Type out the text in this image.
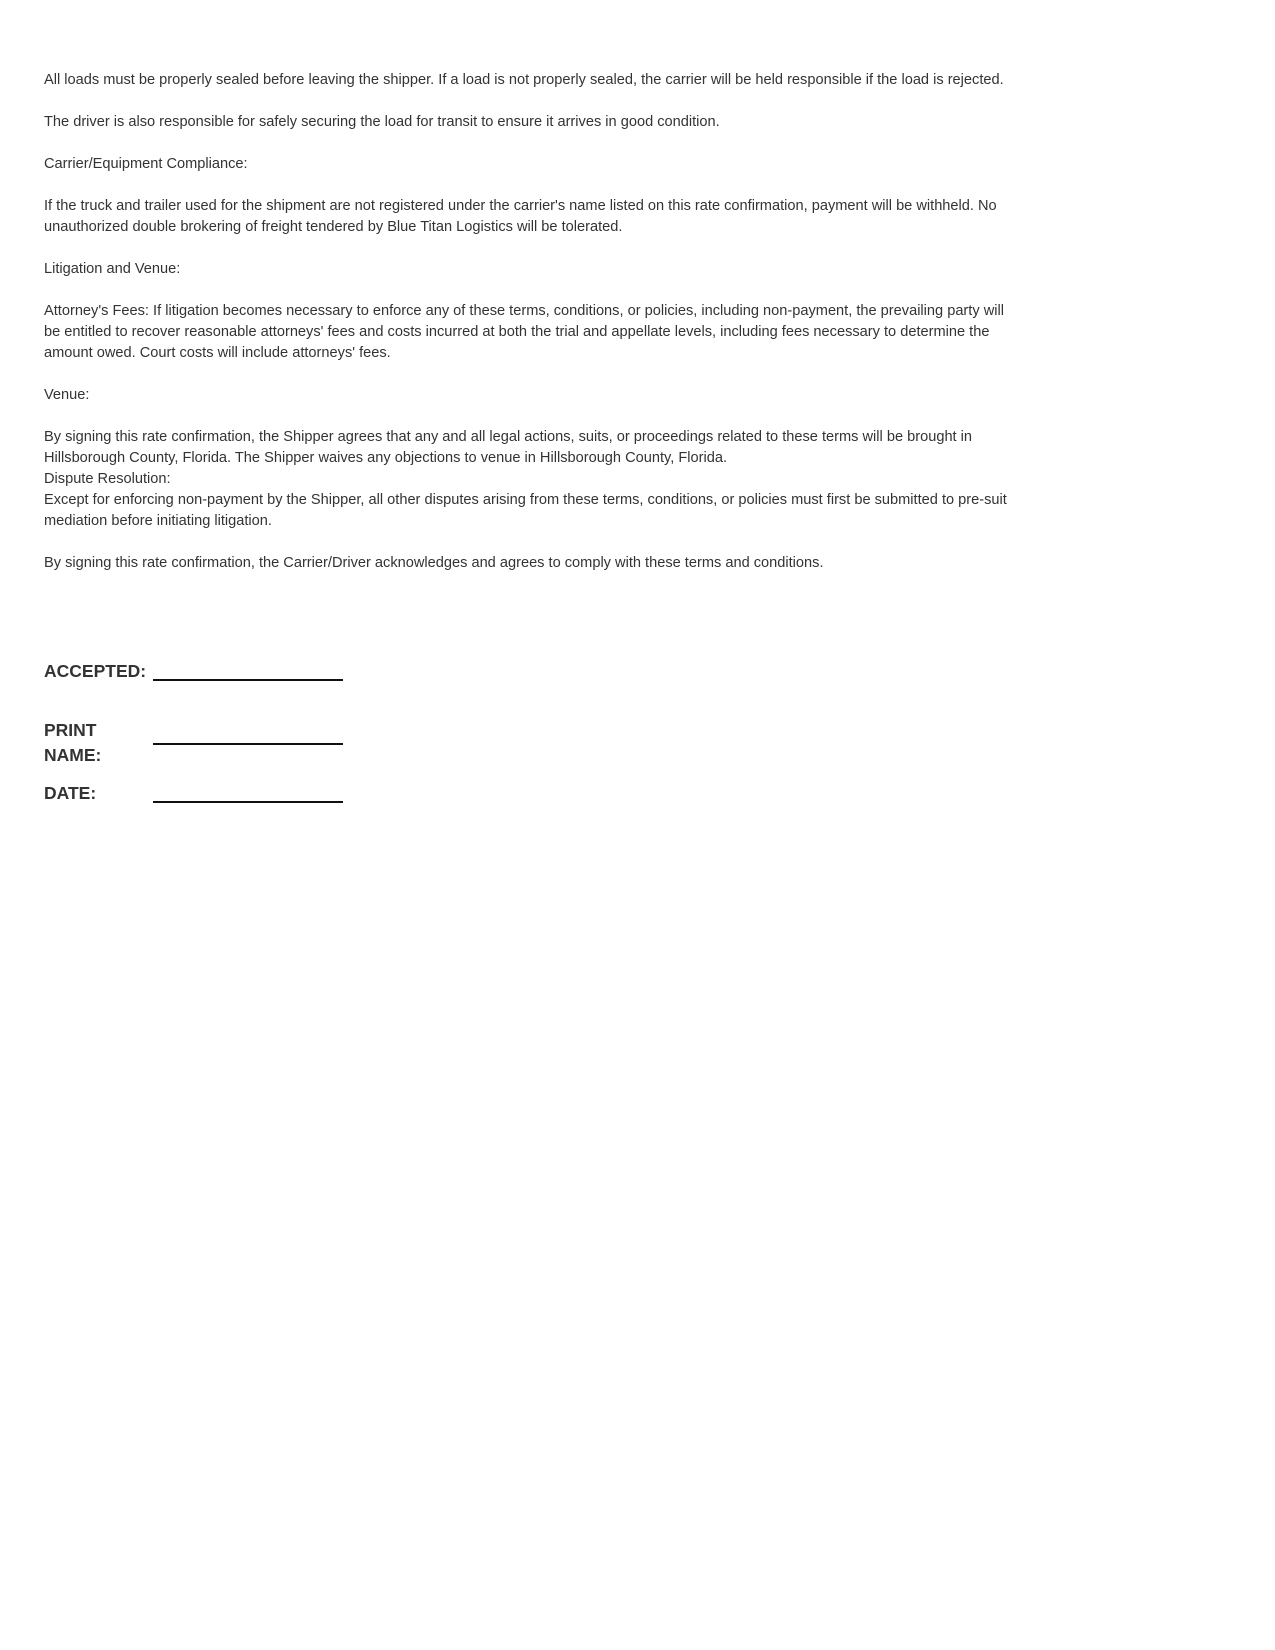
All loads must be properly sealed before leaving the shipper. If a load is not properly sealed, the carrier will be held responsible if the load is rejected.

The driver is also responsible for safely securing the load for transit to ensure it arrives in good condition.

Carrier/Equipment Compliance:

If the truck and trailer used for the shipment are not registered under the carrier's name listed on this rate confirmation, payment will be withheld. No unauthorized double brokering of freight tendered by Blue Titan Logistics will be tolerated.

Litigation and Venue:

Attorney's Fees: If litigation becomes necessary to enforce any of these terms, conditions, or policies, including non-payment, the prevailing party will be entitled to recover reasonable attorneys' fees and costs incurred at both the trial and appellate levels, including fees necessary to determine the amount owed. Court costs will include attorneys' fees.

Venue:

By signing this rate confirmation, the Shipper agrees that any and all legal actions, suits, or proceedings related to these terms will be brought in Hillsborough County, Florida. The Shipper waives any objections to venue in Hillsborough County, Florida.

Dispute Resolution:

Except for enforcing non-payment by the Shipper, all other disputes arising from these terms, conditions, or policies must first be submitted to pre-suit mediation before initiating litigation.

By signing this rate confirmation, the Carrier/Driver acknowledges and agrees to comply with these terms and conditions.

ACCEPTED:
PRINT
NAME:
DATE:
